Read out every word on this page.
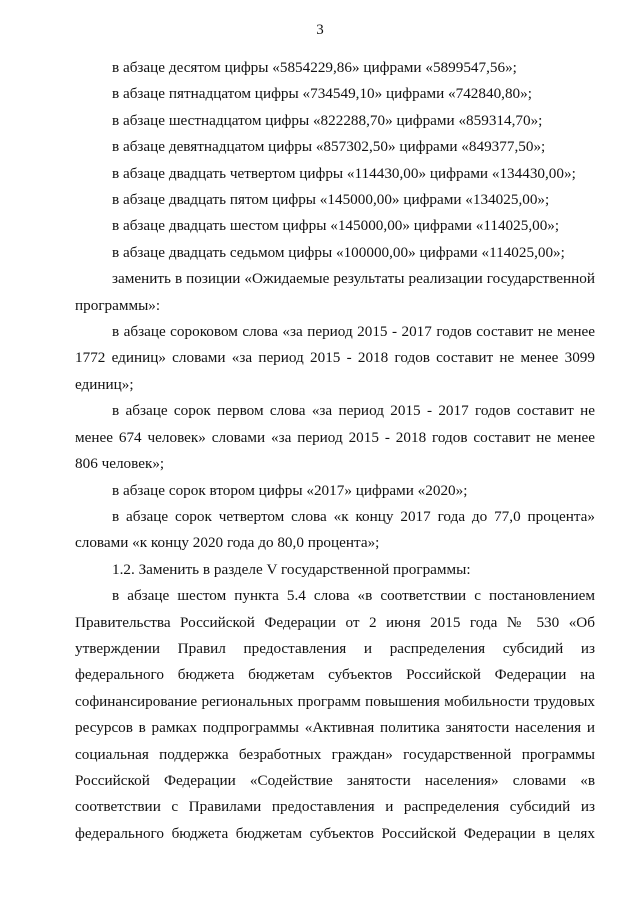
3

в абзаце десятом цифры «5854229,86» цифрами «5899547,56»;

в абзаце пятнадцатом цифры «734549,10» цифрами «742840,80»;

в абзаце шестнадцатом цифры «822288,70» цифрами «859314,70»;

в абзаце девятнадцатом цифры «857302,50» цифрами «849377,50»;

в абзаце двадцать четвертом цифры «114430,00» цифрами «134430,00»;

в абзаце двадцать пятом цифры «145000,00» цифрами «134025,00»;

в абзаце двадцать шестом цифры «145000,00» цифрами «114025,00»;

в абзаце двадцать седьмом цифры «100000,00» цифрами «114025,00»;

заменить в позиции «Ожидаемые результаты реализации государственной программы»:

в абзаце сороковом слова «за период 2015 - 2017 годов составит не менее 1772 единиц» словами «за период 2015 - 2018 годов составит не менее 3099 единиц»;

в абзаце сорок первом слова «за период 2015 - 2017 годов составит не менее 674 человек» словами «за период 2015 - 2018 годов составит не менее 806 человек»;

в абзаце сорок втором цифры «2017» цифрами «2020»;

в абзаце сорок четвертом слова «к концу 2017 года до 77,0 процента» словами «к концу 2020 года до 80,0 процента»;

1.2. Заменить в разделе V государственной программы:

в абзаце шестом пункта 5.4 слова «в соответствии с постановлением Правительства Российской Федерации от 2 июня 2015 года № 530 «Об утверждении Правил предоставления и распределения субсидий из федерального бюджета бюджетам субъектов Российской Федерации на софинансирование региональных программ повышения мобильности трудовых ресурсов в рамках подпрограммы «Активная политика занятости населения и социальная поддержка безработных граждан» государственной программы Российской Федерации «Содействие занятости населения» словами «в соответствии с Правилами предоставления и распределения субсидий из федерального бюджета бюджетам субъектов Российской Федерации в целях
